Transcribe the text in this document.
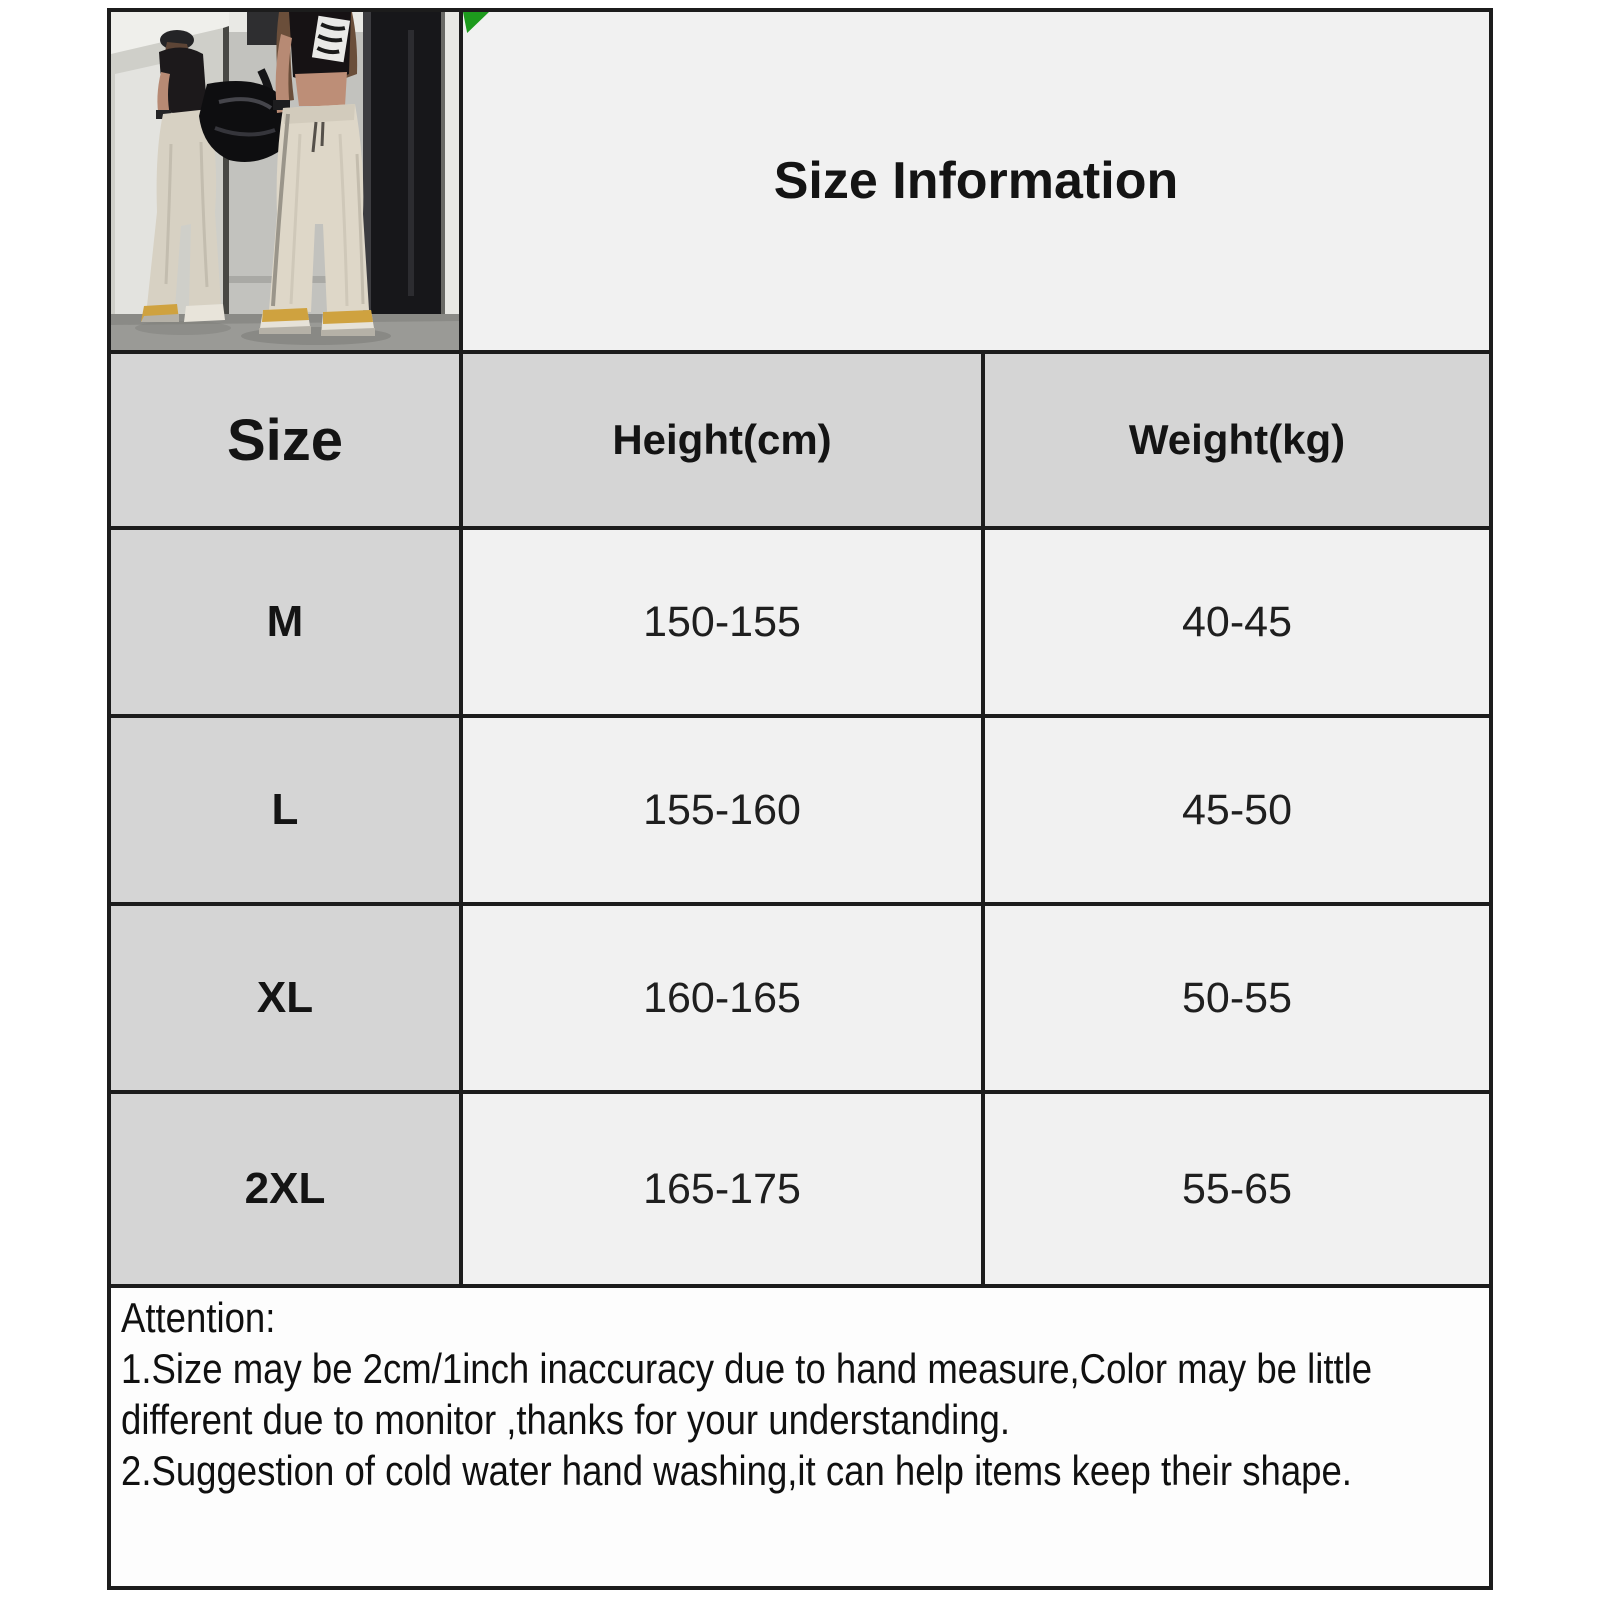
Size Information
Size	Height(cm)	Weight(kg)
M	150-155	40-45
L	155-160	45-50
XL	160-165	50-55
2XL	165-175	55-65
Attention:
1.Size may be 2cm/1inch inaccuracy due to hand measure,Color may be little different due to monitor ,thanks for your understanding.
2.Suggestion of cold water hand washing,it can help items keep their shape.
